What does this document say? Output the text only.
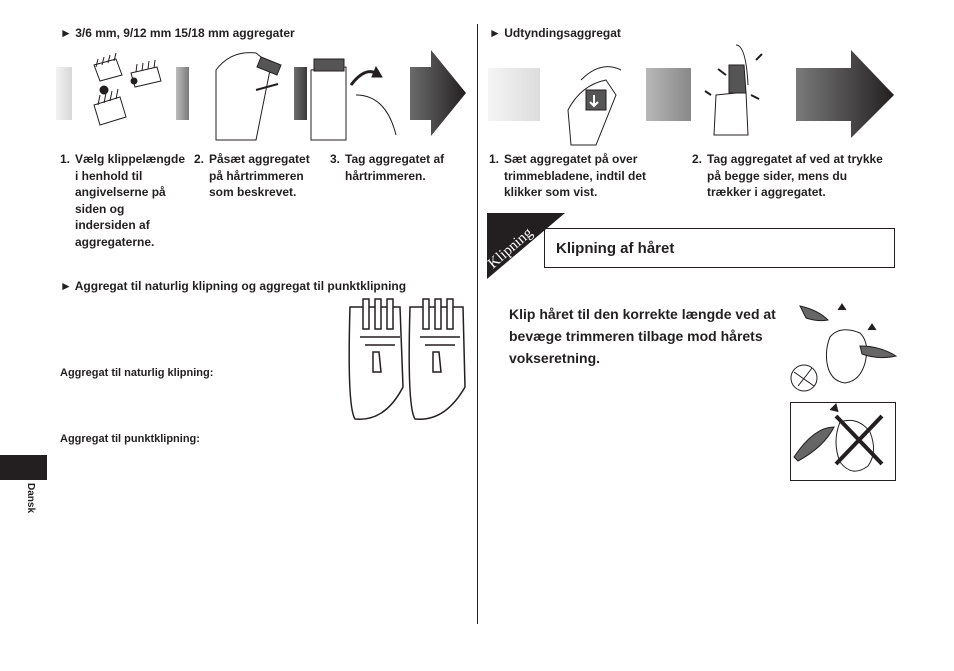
► 3/6 mm, 9/12 mm 15/18 mm aggregater
1. Vælg klippelængde i henhold til angivelserne på siden og indersiden af aggregaterne.
2. Påsæt aggregatet på hårtrimmeren som beskrevet.
3. Tag aggregatet af hårtrimmeren.
► Aggregat til naturlig klipning og aggregat til punktklipning
Aggregat til naturlig klipning:
Aggregat til punktklipning:
Dansk
► Udtyndingsaggregat
1. Sæt aggregatet på over trimmebladene, indtil det klikker som vist.
2. Tag aggregatet af ved at trykke på begge sider, mens du trækker i aggregatet.
Klipning Klipning af håret
Klip håret til den korrekte længde ved at bevæge trimmeren tilbage mod hårets vokseretning.
